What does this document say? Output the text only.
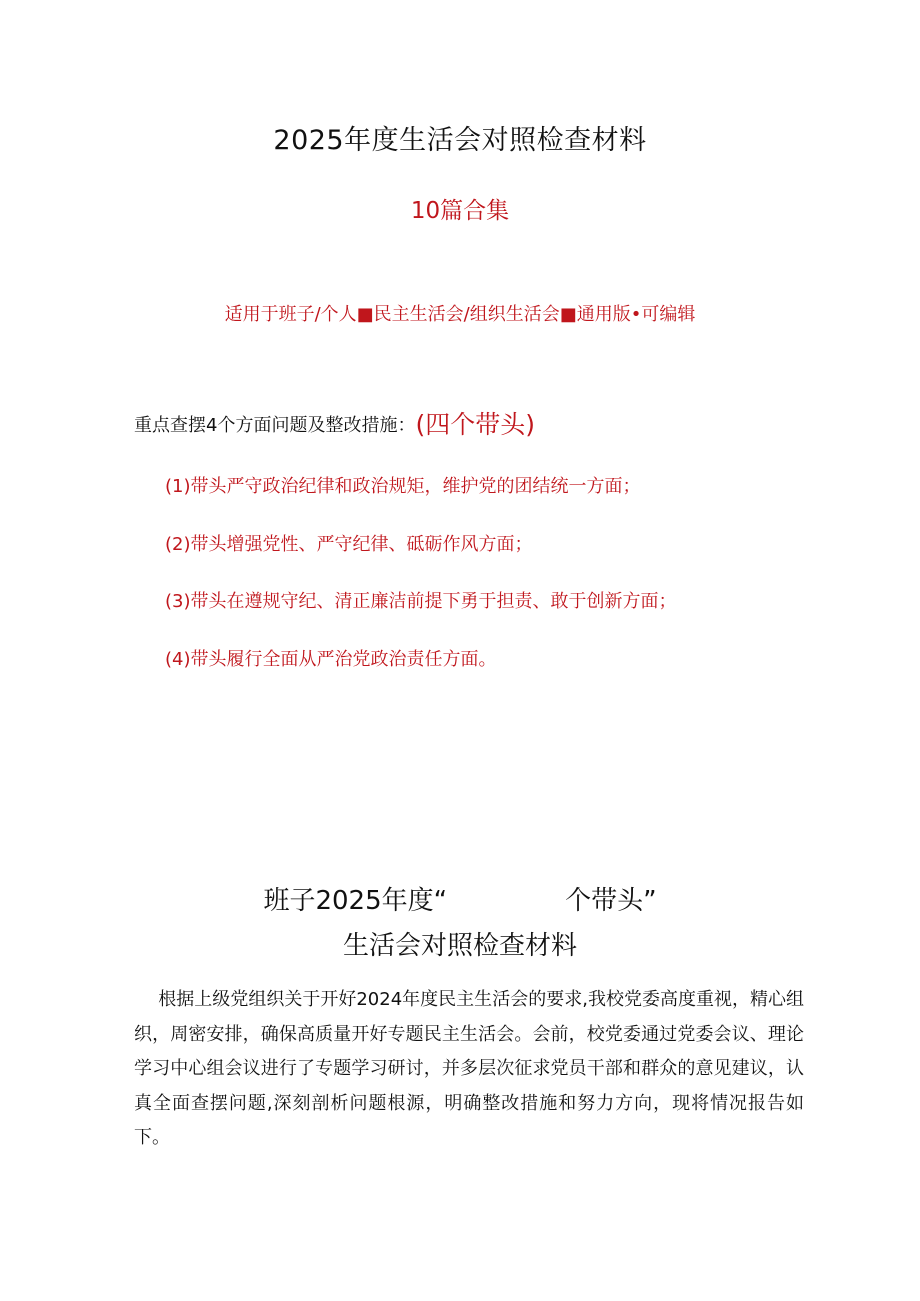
2025年度生活会对照检查材料
10篇合集
适用于班子/个人■民主生活会/组织生活会■通用版•可编辑
重点查摆4个方面问题及整改措施：(四个带头)
(1)带头严守政治纪律和政治规矩，维护党的团结统一方面；
(2)带头增强党性、严守纪律、砥砺作风方面；
(3)带头在遵规守纪、清正廉洁前提下勇于担责、敢于创新方面；
(4)带头履行全面从严治党政治责任方面。
班子2025年度“	个带头”
生活会对照检查材料
根据上级党组织关于开好2024年度民主生活会的要求,我校党委高度重视，精心组织，周密安排，确保高质量开好专题民主生活会。会前，校党委通过党委会议、理论学习中心组会议进行了专题学习研讨，并多层次征求党员干部和群众的意见建议，认真全面查摆问题,深刻剖析问题根源，明确整改措施和努力方向，现将情况报告如下。
